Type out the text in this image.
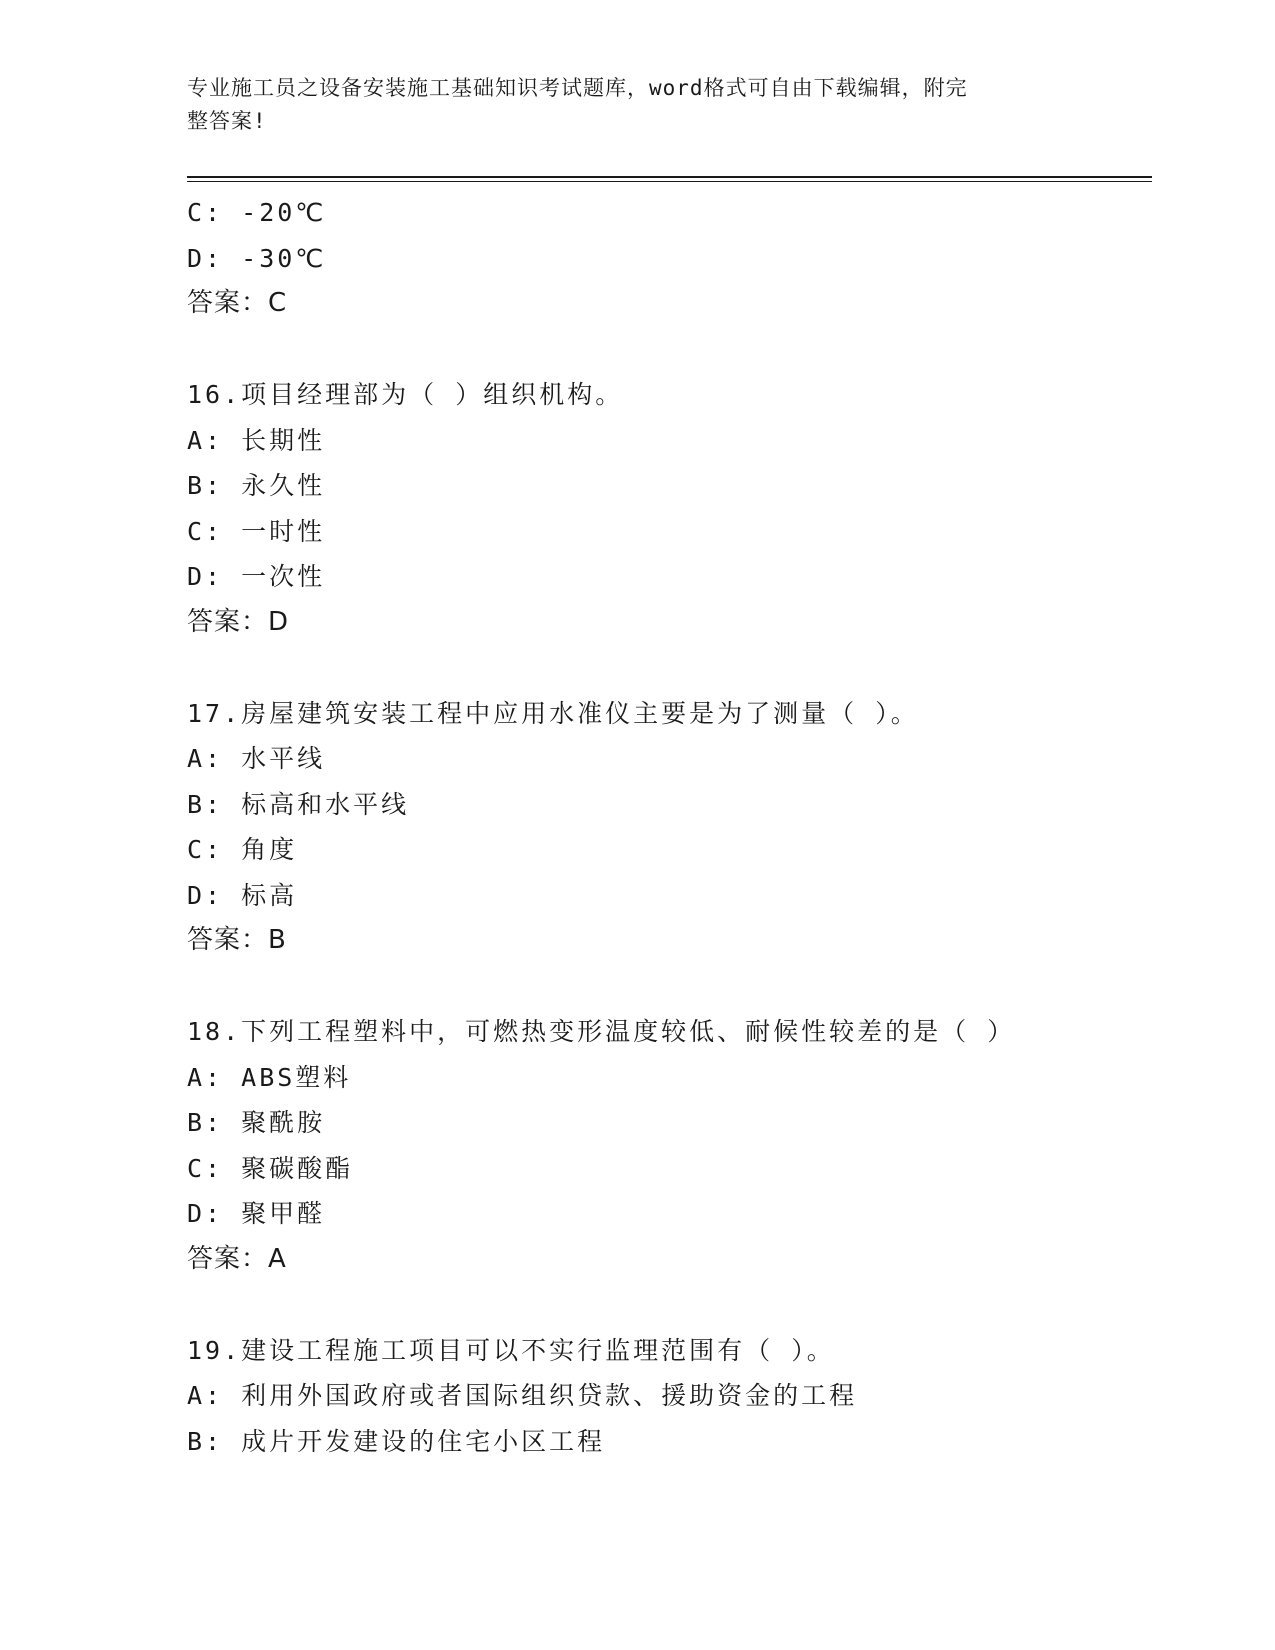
专业施工员之设备安装施工基础知识考试题库，word格式可自由下载编辑，附完
整答案!
C: -20℃
D: -30℃
答案：C
16.项目经理部为（ ）组织机构。
A: 长期性
B: 永久性
C: 一时性
D: 一次性
答案：D
17.房屋建筑安装工程中应用水准仪主要是为了测量（ ）。
A: 水平线
B: 标高和水平线
C: 角度
D: 标高
答案：B
18.下列工程塑料中，可燃热变形温度较低、耐候性较差的是（ ）
A: ABS塑料
B: 聚酰胺
C: 聚碳酸酯
D: 聚甲醛
答案：A
19.建设工程施工项目可以不实行监理范围有（ ）。
A: 利用外国政府或者国际组织贷款、援助资金的工程
B: 成片开发建设的住宅小区工程
